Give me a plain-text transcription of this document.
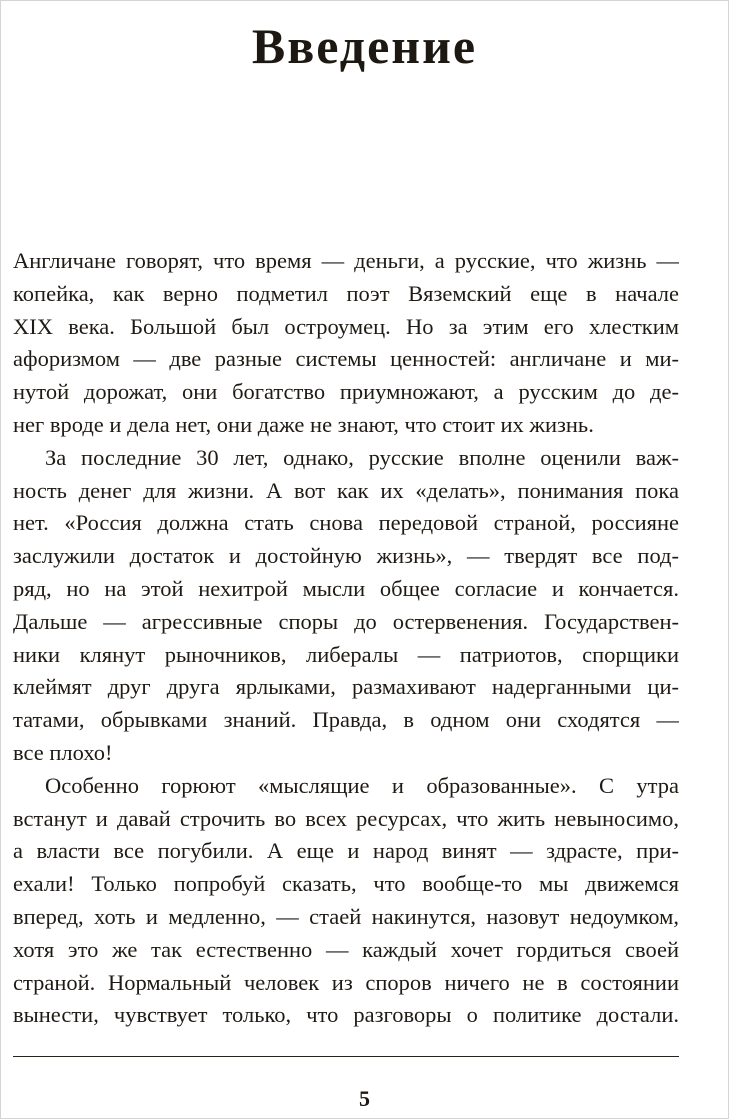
Введение
Англичане говорят, что время — деньги, а русские, что жизнь —
копейка, как верно подметил поэт Вяземский еще в начале
XIX века. Большой был остроумец. Но за этим его хлестким
афоризмом — две разные системы ценностей: англичане и ми-
нутой дорожат, они богатство приумножают, а русским до де-
нег вроде и дела нет, они даже не знают, что стоит их жизнь.
За последние 30 лет, однако, русские вполне оценили важ-
ность денег для жизни. А вот как их «делать», понимания пока
нет. «Россия должна стать снова передовой страной, россияне
заслужили достаток и достойную жизнь», — твердят все под-
ряд, но на этой нехитрой мысли общее согласие и кончается.
Дальше — агрессивные споры до остервенения. Государствен-
ники клянут рыночников, либералы — патриотов, спорщики
клеймят друг друга ярлыками, размахивают надерганными ци-
татами, обрывками знаний. Правда, в одном они сходятся —
все плохо!
Особенно горюют «мыслящие и образованные». С утра
встанут и давай строчить во всех ресурсах, что жить невыносимо,
а власти все погубили. А еще и народ винят — здрасте, при-
ехали! Только попробуй сказать, что вообще-то мы движемся
вперед, хоть и медленно, — стаей накинутся, назовут недоумком,
хотя это же так естественно — каждый хочет гордиться своей
страной. Нормальный человек из споров ничего не в состоянии
вынести, чувствует только, что разговоры о политике достали.
5
